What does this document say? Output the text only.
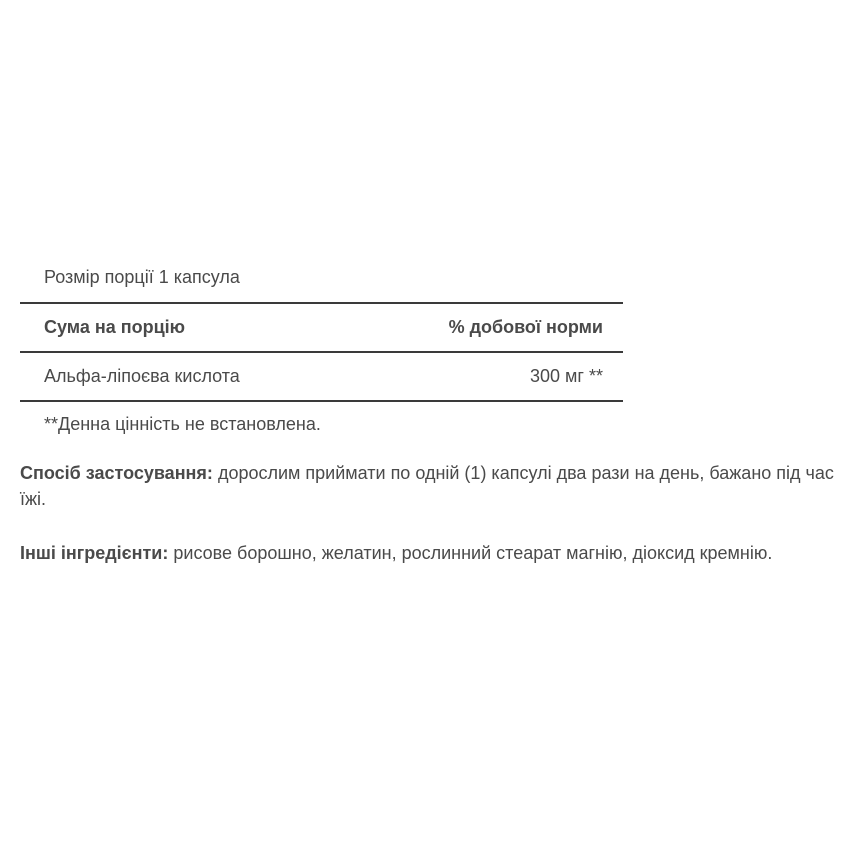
Розмір порції 1 капсула
Сума на порцію	% добової норми
Альфа-ліпоєва кислота	300 мг **
**Денна цінність не встановлена.

Спосіб застосування: дорослим приймати по одній (1) капсулі два рази на день, бажано під час їжі.

Інші інгредієнти: рисове борошно, желатин, рослинний стеарат магнію, діоксид кремнію.
